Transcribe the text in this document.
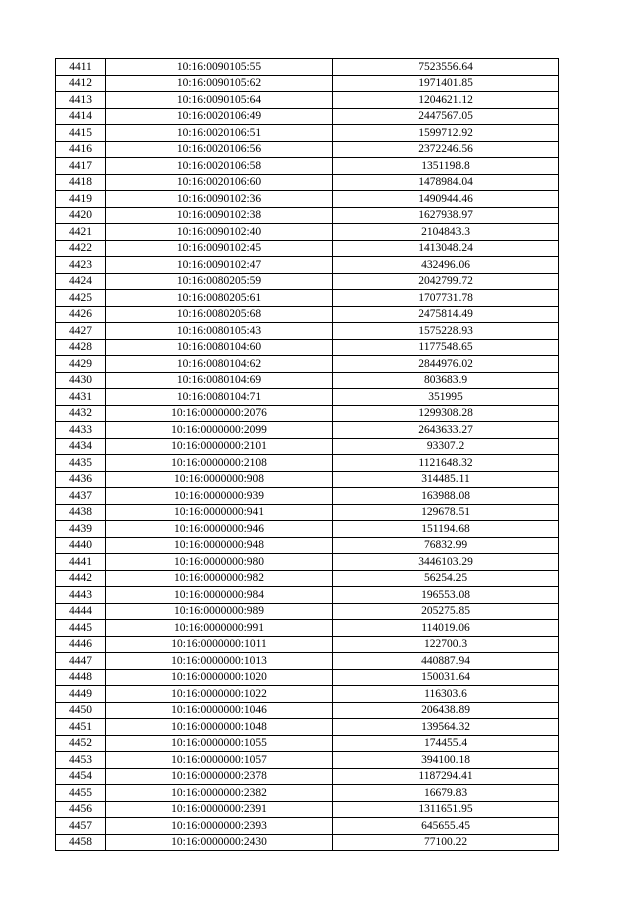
4411	10:16:0090105:55	7523556.64
4412	10:16:0090105:62	1971401.85
4413	10:16:0090105:64	1204621.12
4414	10:16:0020106:49	2447567.05
4415	10:16:0020106:51	1599712.92
4416	10:16:0020106:56	2372246.56
4417	10:16:0020106:58	1351198.8
4418	10:16:0020106:60	1478984.04
4419	10:16:0090102:36	1490944.46
4420	10:16:0090102:38	1627938.97
4421	10:16:0090102:40	2104843.3
4422	10:16:0090102:45	1413048.24
4423	10:16:0090102:47	432496.06
4424	10:16:0080205:59	2042799.72
4425	10:16:0080205:61	1707731.78
4426	10:16:0080205:68	2475814.49
4427	10:16:0080105:43	1575228.93
4428	10:16:0080104:60	1177548.65
4429	10:16:0080104:62	2844976.02
4430	10:16:0080104:69	803683.9
4431	10:16:0080104:71	351995
4432	10:16:0000000:2076	1299308.28
4433	10:16:0000000:2099	2643633.27
4434	10:16:0000000:2101	93307.2
4435	10:16:0000000:2108	1121648.32
4436	10:16:0000000:908	314485.11
4437	10:16:0000000:939	163988.08
4438	10:16:0000000:941	129678.51
4439	10:16:0000000:946	151194.68
4440	10:16:0000000:948	76832.99
4441	10:16:0000000:980	3446103.29
4442	10:16:0000000:982	56254.25
4443	10:16:0000000:984	196553.08
4444	10:16:0000000:989	205275.85
4445	10:16:0000000:991	114019.06
4446	10:16:0000000:1011	122700.3
4447	10:16:0000000:1013	440887.94
4448	10:16:0000000:1020	150031.64
4449	10:16:0000000:1022	116303.6
4450	10:16:0000000:1046	206438.89
4451	10:16:0000000:1048	139564.32
4452	10:16:0000000:1055	174455.4
4453	10:16:0000000:1057	394100.18
4454	10:16:0000000:2378	1187294.41
4455	10:16:0000000:2382	16679.83
4456	10:16:0000000:2391	1311651.95
4457	10:16:0000000:2393	645655.45
4458	10:16:0000000:2430	77100.22
